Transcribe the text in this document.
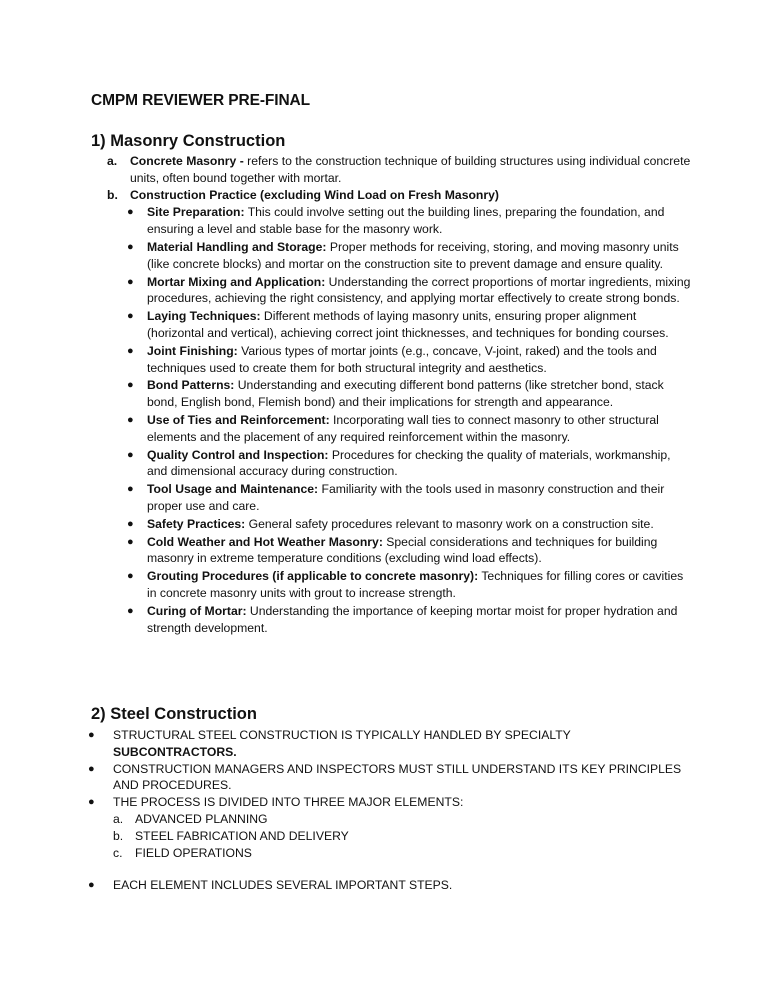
CMPM REVIEWER PRE-FINAL
1) Masonry Construction
a. Concrete Masonry - refers to the construction technique of building structures using individual concrete units, often bound together with mortar.
b. Construction Practice (excluding Wind Load on Fresh Masonry)
● Site Preparation: This could involve setting out the building lines, preparing the foundation, and ensuring a level and stable base for the masonry work.
● Material Handling and Storage: Proper methods for receiving, storing, and moving masonry units (like concrete blocks) and mortar on the construction site to prevent damage and ensure quality.
● Mortar Mixing and Application: Understanding the correct proportions of mortar ingredients, mixing procedures, achieving the right consistency, and applying mortar effectively to create strong bonds.
● Laying Techniques: Different methods of laying masonry units, ensuring proper alignment (horizontal and vertical), achieving correct joint thicknesses, and techniques for bonding courses.
● Joint Finishing: Various types of mortar joints (e.g., concave, V-joint, raked) and the tools and techniques used to create them for both structural integrity and aesthetics.
● Bond Patterns: Understanding and executing different bond patterns (like stretcher bond, stack bond, English bond, Flemish bond) and their implications for strength and appearance.
● Use of Ties and Reinforcement: Incorporating wall ties to connect masonry to other structural elements and the placement of any required reinforcement within the masonry.
● Quality Control and Inspection: Procedures for checking the quality of materials, workmanship, and dimensional accuracy during construction.
● Tool Usage and Maintenance: Familiarity with the tools used in masonry construction and their proper use and care.
● Safety Practices: General safety procedures relevant to masonry work on a construction site.
● Cold Weather and Hot Weather Masonry: Special considerations and techniques for building masonry in extreme temperature conditions (excluding wind load effects).
● Grouting Procedures (if applicable to concrete masonry): Techniques for filling cores or cavities in concrete masonry units with grout to increase strength.
● Curing of Mortar: Understanding the importance of keeping mortar moist for proper hydration and strength development.
2) Steel Construction
● STRUCTURAL STEEL CONSTRUCTION IS TYPICALLY HANDLED BY SPECIALTY SUBCONTRACTORS.
● CONSTRUCTION MANAGERS AND INSPECTORS MUST STILL UNDERSTAND ITS KEY PRINCIPLES AND PROCEDURES.
● THE PROCESS IS DIVIDED INTO THREE MAJOR ELEMENTS:
a. ADVANCED PLANNING
b. STEEL FABRICATION AND DELIVERY
c. FIELD OPERATIONS
● EACH ELEMENT INCLUDES SEVERAL IMPORTANT STEPS.
